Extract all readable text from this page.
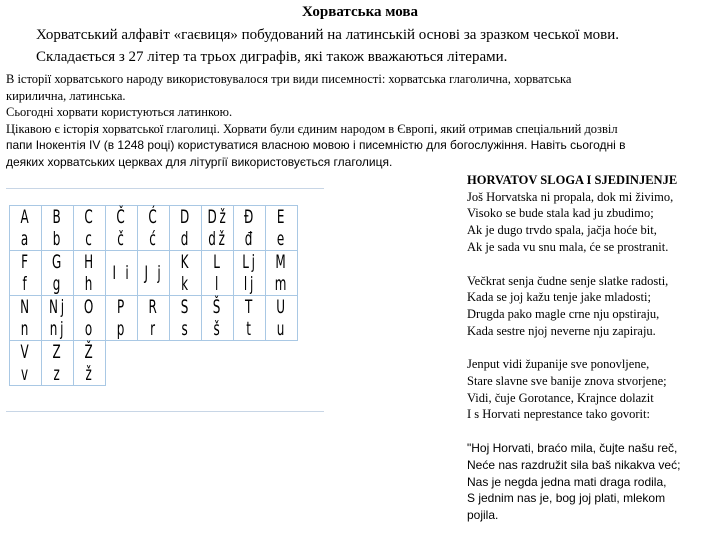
Хорватська мова
Хорватський алфавіт «гаєвиця» побудований на латинській основі за зразком чеської мови.
Складається з 27 літер та трьох диграфів, які також вважаються літерами.
В історії хорватського народу використовувалося три види писемності: хорватська глаголична, хорватська
кирилична, латинська.
Сьогодні хорвати користуються латинкою.
Цікавою є історія хорватської глаголиці. Хорвати були єдиним народом в Європі, який отримав спеціальний дозвіл
папи Інокентія IV (в 1248 році) користуватися власною мовою і писемністю для богослужіння. Навіть сьогодні в
деяких хорватських церквах для літургії використовується глаголиця.
A a	B b	C c	Č č	Ć ć	D d	Dž dž	Đ đ	E e
F f	G g	H h	I i	J j	K k	L l	Lj lj	M m
N n	Nj nj	O o	P p	R r	S s	Š š	T t	U u
V v	Z z	Ž ž						
HORVATOV SLOGA I SJEDINJENJE
Još Horvatska ni propala, dok mi živimo,
Visoko se bude stala kad ju zbudimo;
Ak je dugo trvdo spala, jačja hoće bit,
Ak je sada vu snu mala, će se prostranit.
Večkrat senja čudne senje slatke radosti,
Kada se joj kažu tenje jake mladosti;
Drugda pako magle crne nju opstiraju,
Kada sestre njoj neverne nju zapiraju.
Jenput vidi županije sve ponovljene,
Stare slavne sve banije znova stvorjene;
Vidi, čuje Gorotance, Krajnce dolazit
I s Horvati neprestance tako govorit:
"Hoj Horvati, braćo mila, čujte našu reč,
Neće nas razdružit sila baš nikakva već;
Nas je negda jedna mati draga rodila,
S jednim nas je, bog joj plati, mlekom
pojila.
